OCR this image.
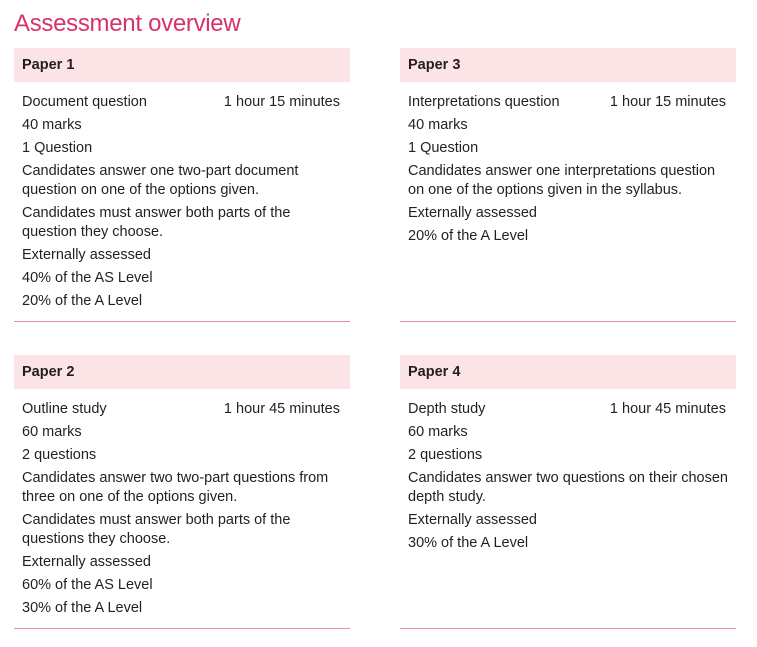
Assessment overview
Paper 1
Document question	1 hour 15 minutes
40 marks
1 Question
Candidates answer one two-part document question on one of the options given.
Candidates must answer both parts of the question they choose.
Externally assessed
40% of the AS Level
20% of the A Level
Paper 3
Interpretations question	1 hour 15 minutes
40 marks
1 Question
Candidates answer one interpretations question on one of the options given in the syllabus.
Externally assessed
20% of the A Level
Paper 2
Outline study	1 hour 45 minutes
60 marks
2 questions
Candidates answer two two-part questions from three on one of the options given.
Candidates must answer both parts of the questions they choose.
Externally assessed
60% of the AS Level
30% of the A Level
Paper 4
Depth study	1 hour 45 minutes
60 marks
2 questions
Candidates answer two questions on their chosen depth study.
Externally assessed
30% of the A Level
